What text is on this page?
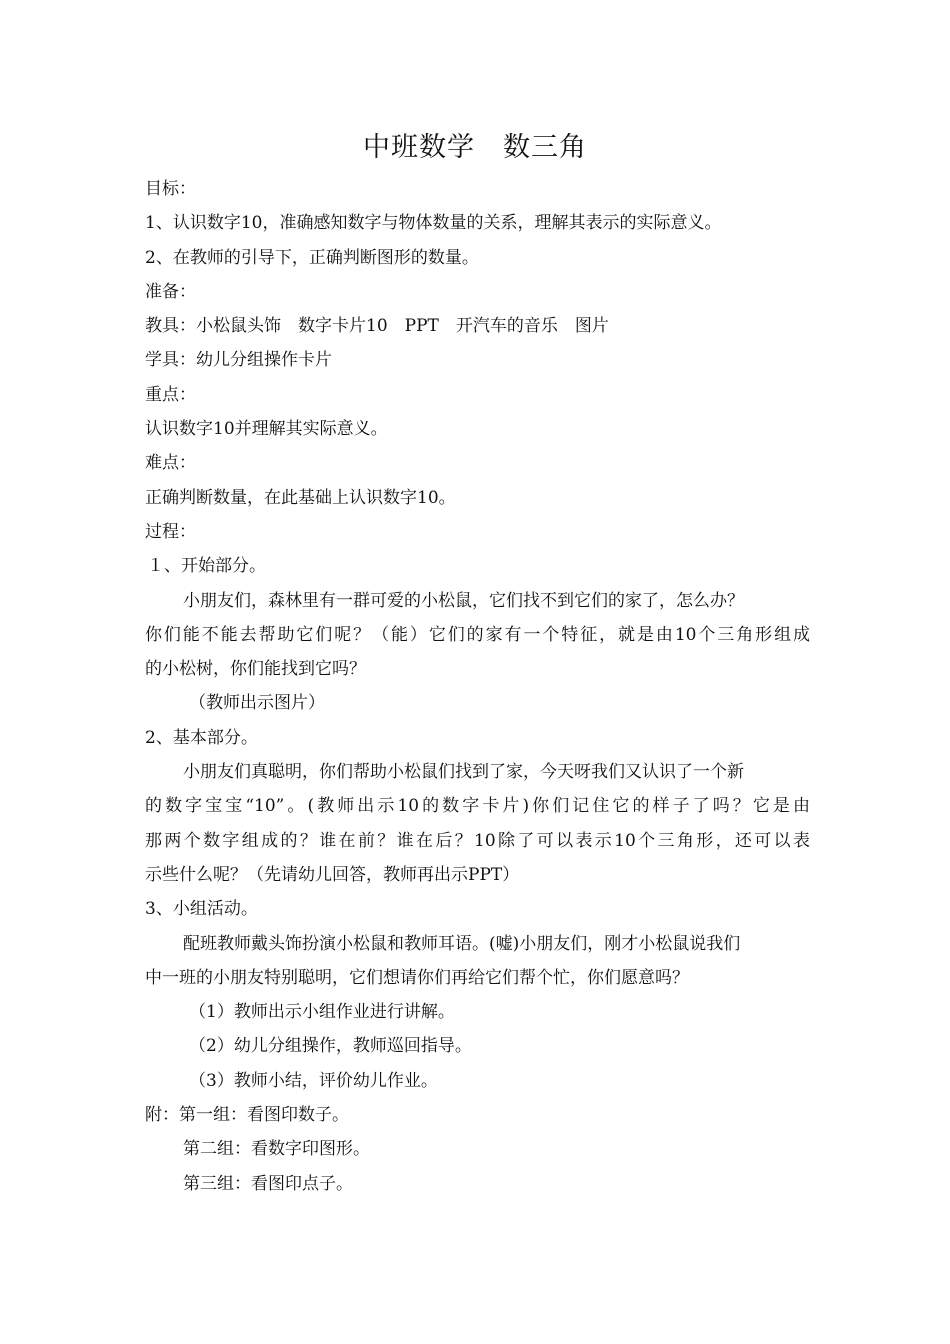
中班数学　数三角
目标：
1、认识数字10，准确感知数字与物体数量的关系，理解其表示的实际意义。
2、在教师的引导下，正确判断图形的数量。
准备：
教具：小松鼠头饰　数字卡片10　PPT　开汽车的音乐　图片
学具：幼儿分组操作卡片
重点：
认识数字10并理解其实际意义。
难点：
正确判断数量，在此基础上认识数字10。
过程：
１、开始部分。
小朋友们，森林里有一群可爱的小松鼠，它们找不到它们的家了，怎么办？
你们能不能去帮助它们呢？（能）它们的家有一个特征，就是由10个三角形组成
的小松树，你们能找到它吗？
（教师出示图片）
2、基本部分。
小朋友们真聪明，你们帮助小松鼠们找到了家，今天呀我们又认识了一个新
的数字宝宝“10”。(教师出示10的数字卡片)你们记住它的样子了吗？它是由
那两个数字组成的？谁在前？谁在后？10除了可以表示10个三角形，还可以表
示些什么呢？（先请幼儿回答，教师再出示PPT）
3、小组活动。
配班教师戴头饰扮演小松鼠和教师耳语。(嘘)小朋友们，刚才小松鼠说我们
中一班的小朋友特别聪明，它们想请你们再给它们帮个忙，你们愿意吗？
（1）教师出示小组作业进行讲解。
（2）幼儿分组操作，教师巡回指导。
（3）教师小结，评价幼儿作业。
附：第一组：看图印数子。
第二组：看数字印图形。
第三组：看图印点子。
